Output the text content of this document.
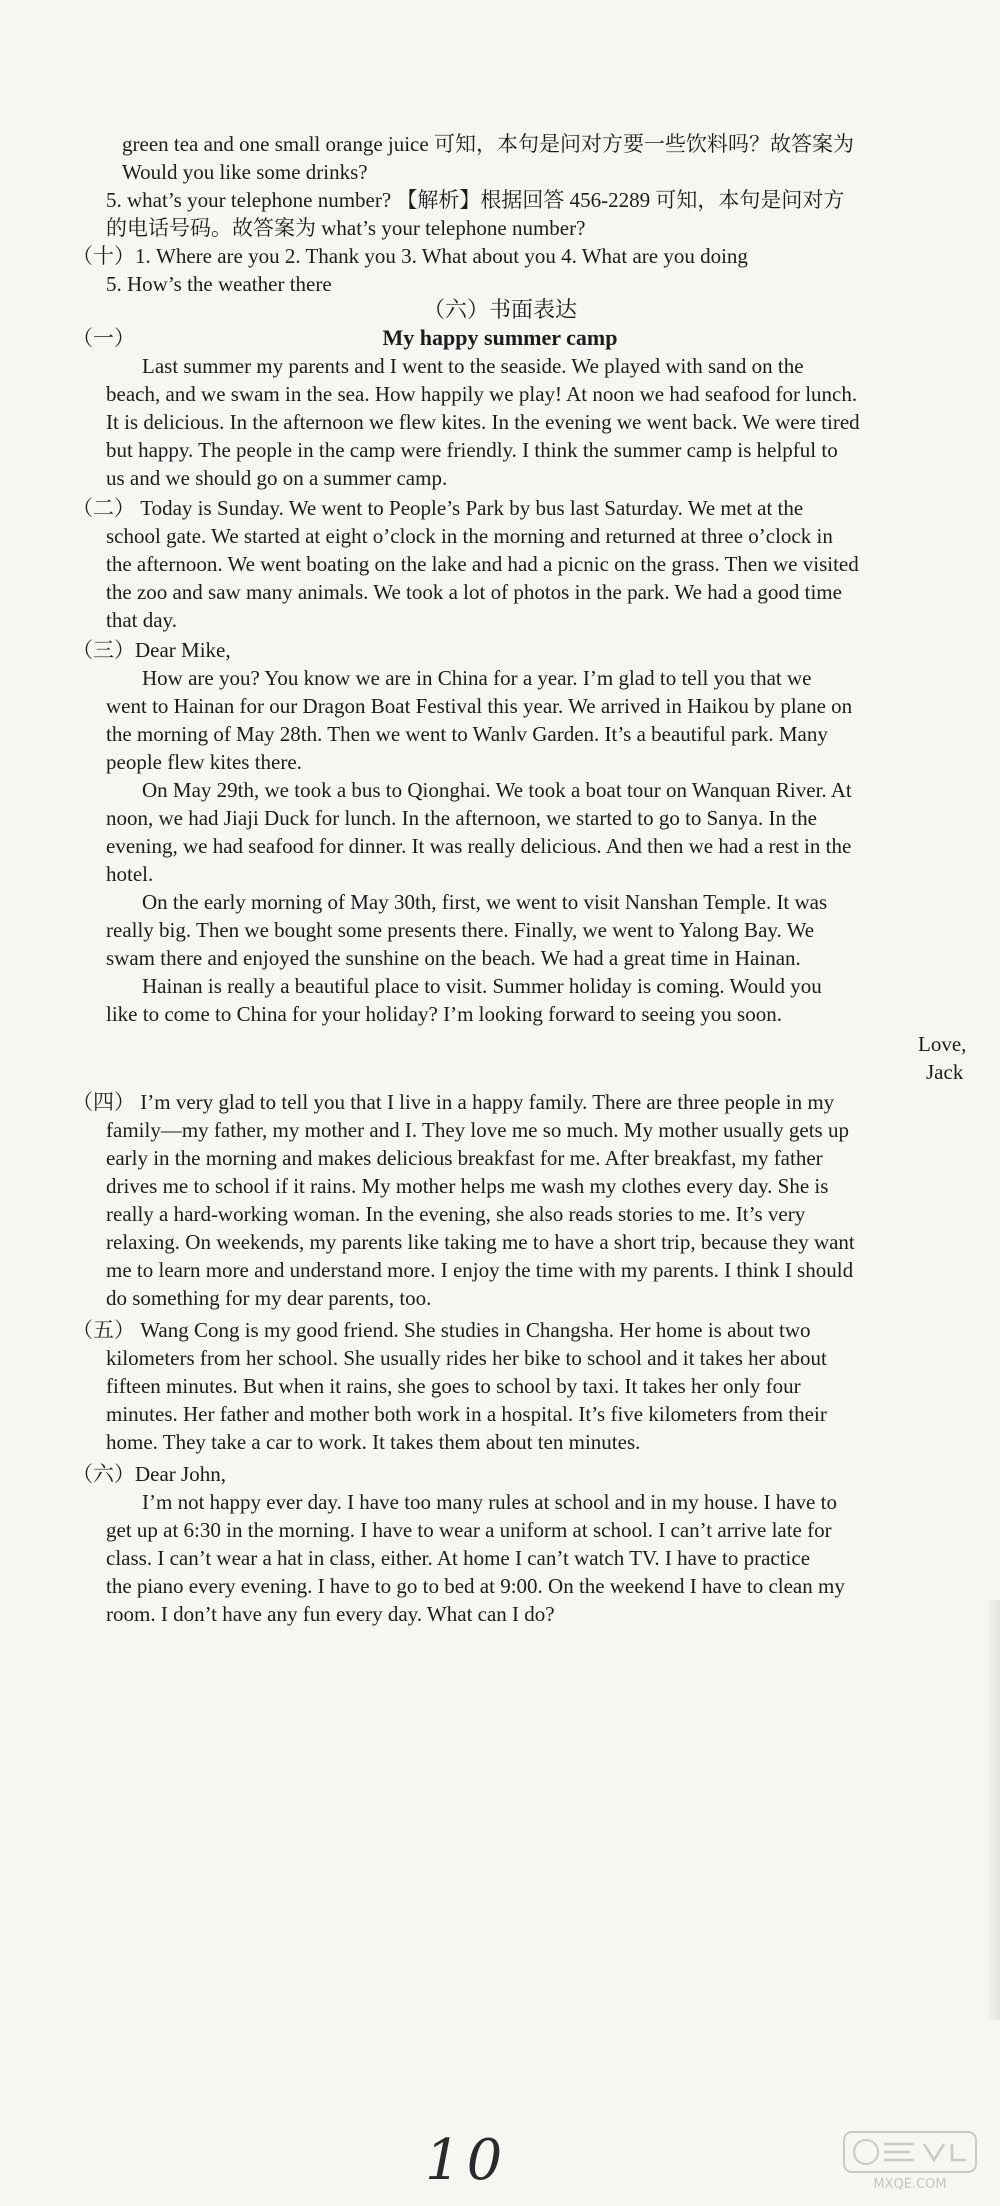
green tea and one small orange juice 可知，本句是问对方要一些饮料吗？故答案为
Would you like some drinks?
5. what’s your telephone number? 【解析】根据回答 456-2289 可知，本句是问对方
的电话号码。故答案为 what’s your telephone number?
（十）1. Where are you 2. Thank you 3. What about you 4. What are you doing
5. How’s the weather there
（六）书面表达
（一）	My happy summer camp
Last summer my parents and I went to the seaside. We played with sand on the
beach, and we swam in the sea. How happily we play! At noon we had seafood for lunch.
It is delicious. In the afternoon we flew kites. In the evening we went back. We were tired
but happy. The people in the camp were friendly. I think the summer camp is helpful to
us and we should go on a summer camp.
（二） Today is Sunday. We went to People’s Park by bus last Saturday. We met at the
school gate. We started at eight o’clock in the morning and returned at three o’clock in
the afternoon. We went boating on the lake and had a picnic on the grass. Then we visited
the zoo and saw many animals. We took a lot of photos in the park. We had a good time
that day.
（三）Dear Mike,
How are you? You know we are in China for a year. I’m glad to tell you that we
went to Hainan for our Dragon Boat Festival this year. We arrived in Haikou by plane on
the morning of May 28th. Then we went to Wanlv Garden. It’s a beautiful park. Many
people flew kites there.
On May 29th, we took a bus to Qionghai. We took a boat tour on Wanquan River. At
noon, we had Jiaji Duck for lunch. In the afternoon, we started to go to Sanya. In the
evening, we had seafood for dinner. It was really delicious. And then we had a rest in the
hotel.
On the early morning of May 30th, first, we went to visit Nanshan Temple. It was
really big. Then we bought some presents there. Finally, we went to Yalong Bay. We
swam there and enjoyed the sunshine on the beach. We had a great time in Hainan.
Hainan is really a beautiful place to visit. Summer holiday is coming. Would you
like to come to China for your holiday? I’m looking forward to seeing you soon.
Love,
Jack
（四） I’m very glad to tell you that I live in a happy family. There are three people in my
family—my father, my mother and I. They love me so much. My mother usually gets up
early in the morning and makes delicious breakfast for me. After breakfast, my father
drives me to school if it rains. My mother helps me wash my clothes every day. She is
really a hard-working woman. In the evening, she also reads stories to me. It’s very
relaxing. On weekends, my parents like taking me to have a short trip, because they want
me to learn more and understand more. I enjoy the time with my parents. I think I should
do something for my dear parents, too.
（五） Wang Cong is my good friend. She studies in Changsha. Her home is about two
kilometers from her school. She usually rides her bike to school and it takes her about
fifteen minutes. But when it rains, she goes to school by taxi. It takes her only four
minutes. Her father and mother both work in a hospital. It’s five kilometers from their
home. They take a car to work. It takes them about ten minutes.
（六）Dear John,
I’m not happy ever day. I have too many rules at school and in my house. I have to
get up at 6:30 in the morning. I have to wear a uniform at school. I can’t arrive late for
class. I can’t wear a hat in class, either. At home I can’t watch TV. I have to practice
the piano every evening. I have to go to bed at 9:00. On the weekend I have to clean my
room. I don’t have any fun every day. What can I do?
10	MXQE.COM
